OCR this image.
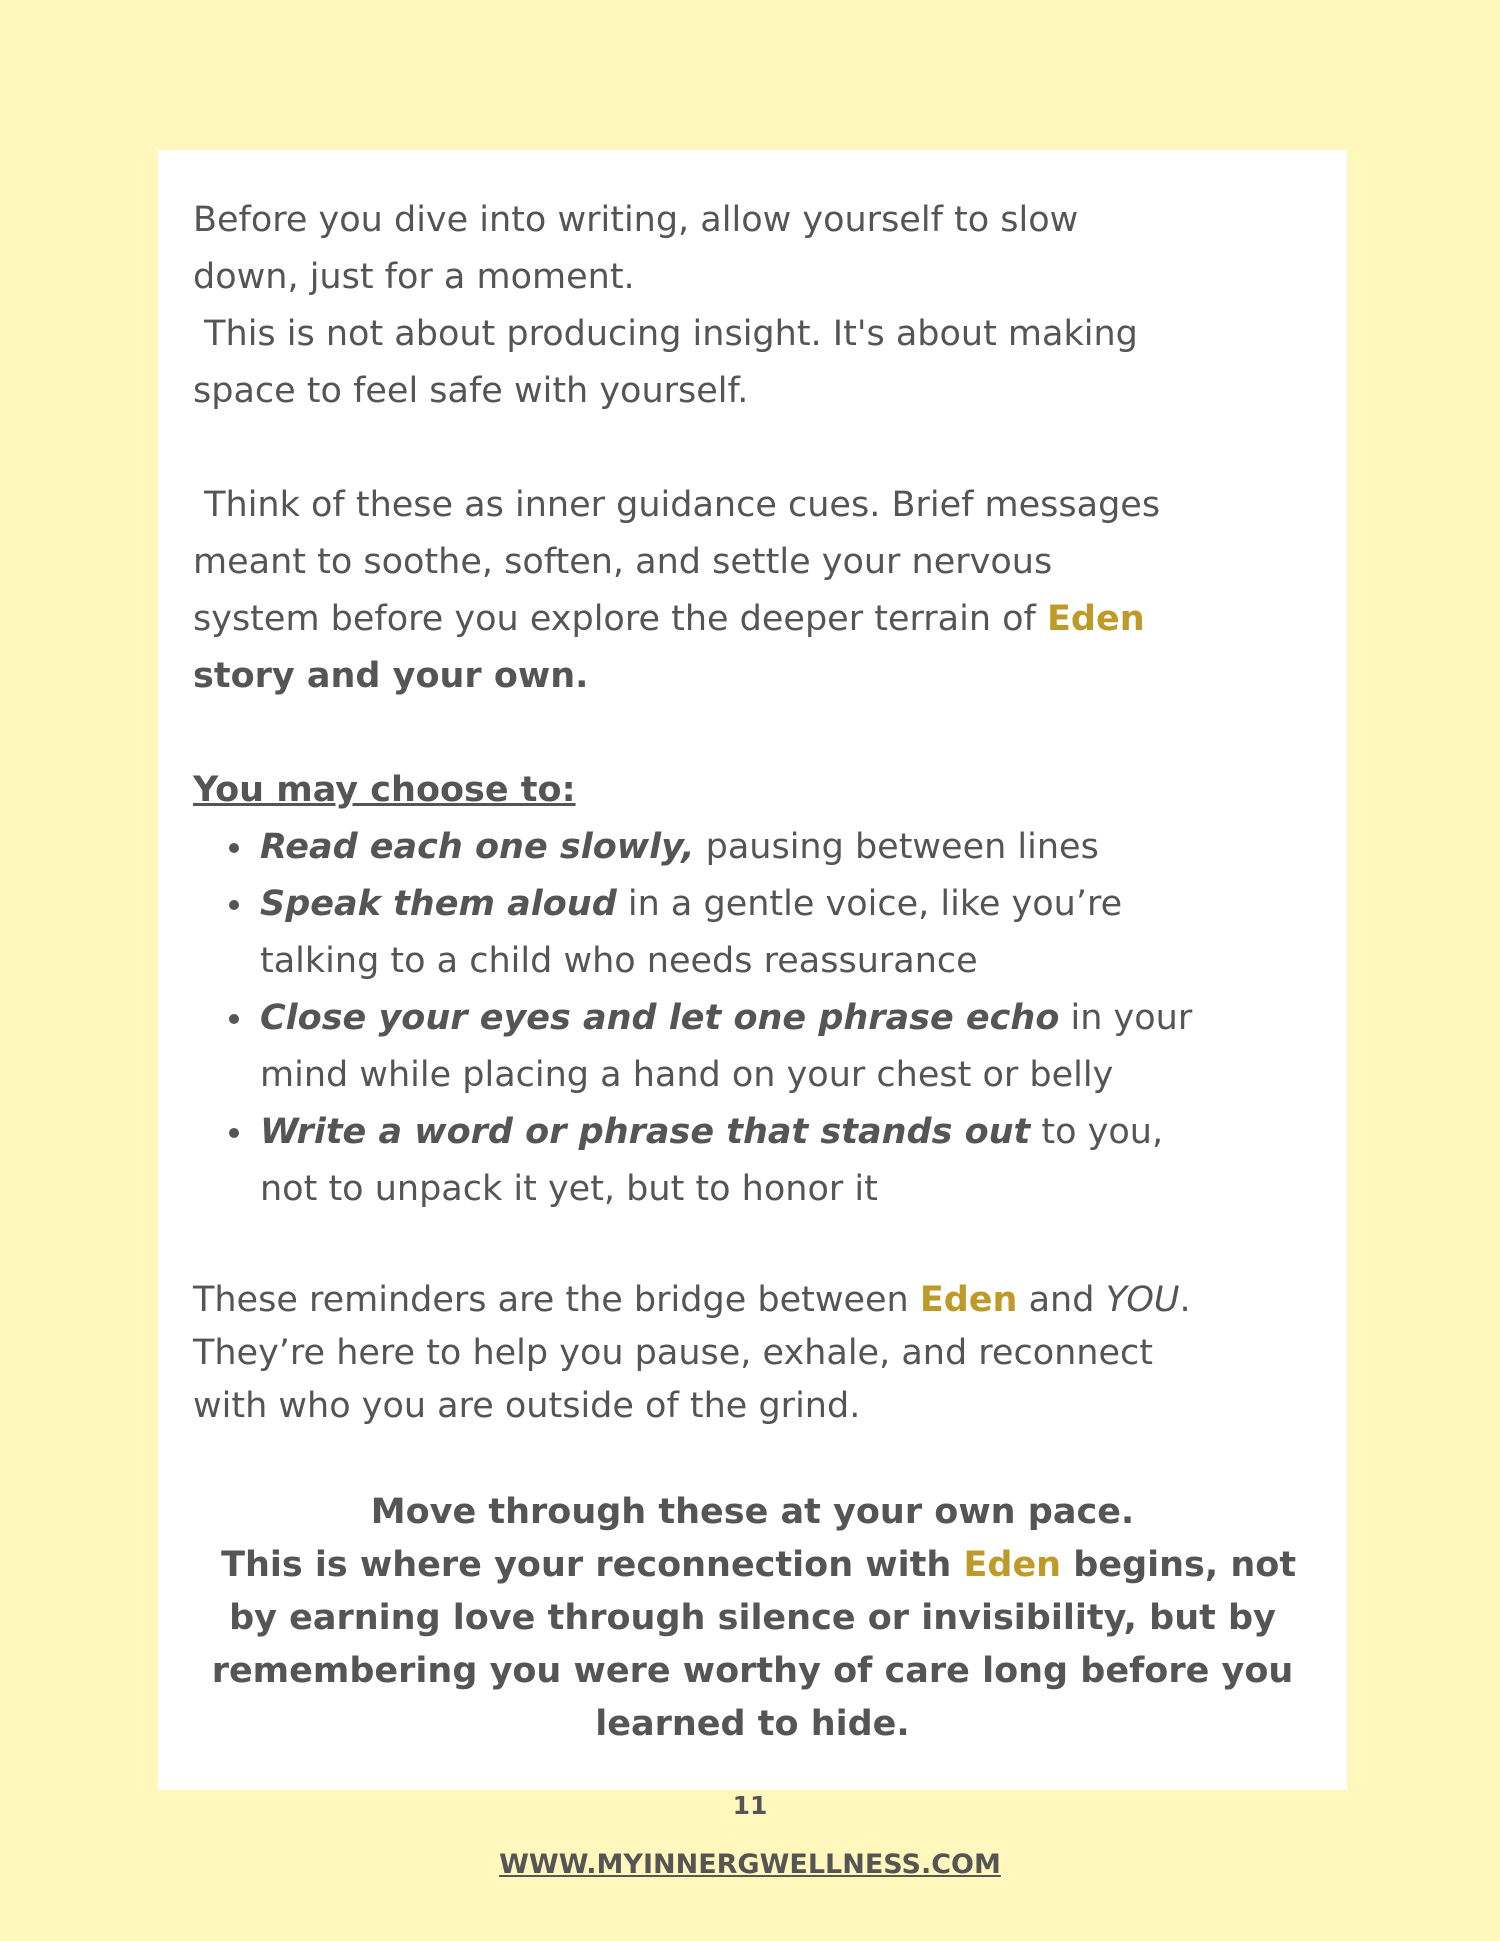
Before you dive into writing, allow yourself to slow
down, just for a moment.
This is not about producing insight. It's about making
space to feel safe with yourself.
Think of these as inner guidance cues. Brief messages
meant to soothe, soften, and settle your nervous
system before you explore the deeper terrain of Eden
story and your own.
You may choose to:
Read each one slowly, pausing between lines
Speak them aloud in a gentle voice, like you’re
talking to a child who needs reassurance
Close your eyes and let one phrase echo in your
mind while placing a hand on your chest or belly
Write a word or phrase that stands out to you,
not to unpack it yet, but to honor it
These reminders are the bridge between Eden and YOU.
They’re here to help you pause, exhale, and reconnect
with who you are outside of the grind.
Move through these at your own pace.
This is where your reconnection with Eden begins, not
by earning love through silence or invisibility, but by
remembering you were worthy of care long before you
learned to hide.
11
WWW.MYINNERGWELLNESS.COM
